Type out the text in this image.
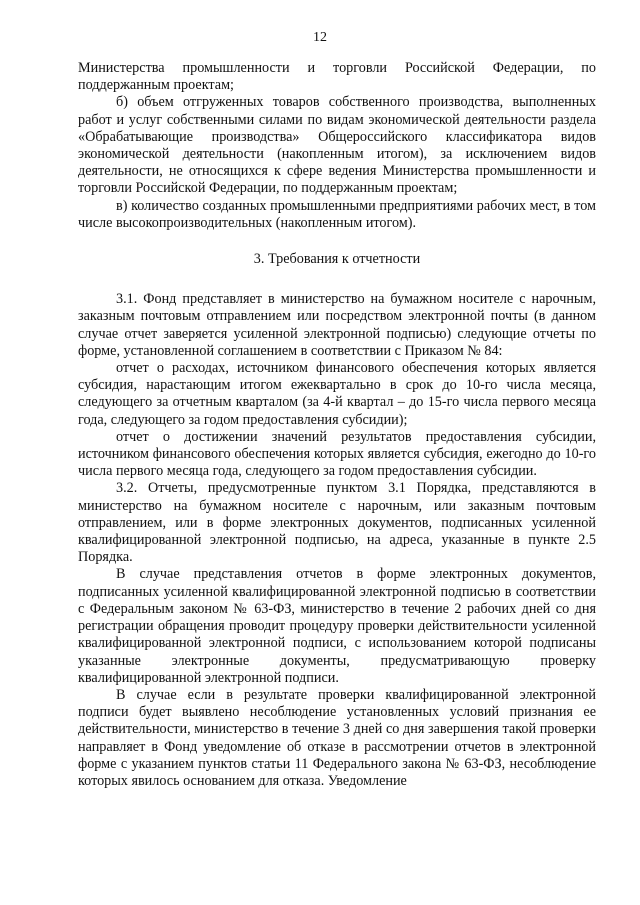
12

Министерства промышленности и торговли Российской Федерации, по поддержанным проектам;

б) объем отгруженных товаров собственного производства, выполненных работ и услуг собственными силами по видам экономической деятельности раздела «Обрабатывающие производства» Общероссийского классификатора видов экономической деятельности (накопленным итогом), за исключением видов деятельности, не относящихся к сфере ведения Министерства промышленности и торговли Российской Федерации, по поддержанным проектам;

в) количество созданных промышленными предприятиями рабочих мест, в том числе высокопроизводительных (накопленным итогом).

3. Требования к отчетности

3.1. Фонд представляет в министерство на бумажном носителе с нарочным, заказным почтовым отправлением или посредством электронной почты (в данном случае отчет заверяется усиленной электронной подписью) следующие отчеты по форме, установленной соглашением в соответствии с Приказом № 84:

отчет о расходах, источником финансового обеспечения которых является субсидия, нарастающим итогом ежеквартально в срок до 10-го числа месяца, следующего за отчетным кварталом (за 4-й квартал – до 15-го числа первого месяца года, следующего за годом предоставления субсидии);

отчет о достижении значений результатов предоставления субсидии, источником финансового обеспечения которых является субсидия, ежегодно до 10-го числа первого месяца года, следующего за годом предоставления субсидии.

3.2. Отчеты, предусмотренные пунктом 3.1 Порядка, представляются в министерство на бумажном носителе с нарочным, или заказным почтовым отправлением, или в форме электронных документов, подписанных усиленной квалифицированной электронной подписью, на адреса, указанные в пункте 2.5 Порядка.

В случае представления отчетов в форме электронных документов, подписанных усиленной квалифицированной электронной подписью в соответствии с Федеральным законом № 63-ФЗ, министерство в течение 2 рабочих дней со дня регистрации обращения проводит процедуру проверки действительности усиленной квалифицированной электронной подписи, с использованием которой подписаны указанные электронные документы, предусматривающую проверку квалифицированной электронной подписи.

В случае если в результате проверки квалифицированной электронной подписи будет выявлено несоблюдение установленных условий признания ее действительности, министерство в течение 3 дней со дня завершения такой проверки направляет в Фонд уведомление об отказе в рассмотрении отчетов в электронной форме с указанием пунктов статьи 11 Федерального закона № 63-ФЗ, несоблюдение которых явилось основанием для отказа. Уведомление
